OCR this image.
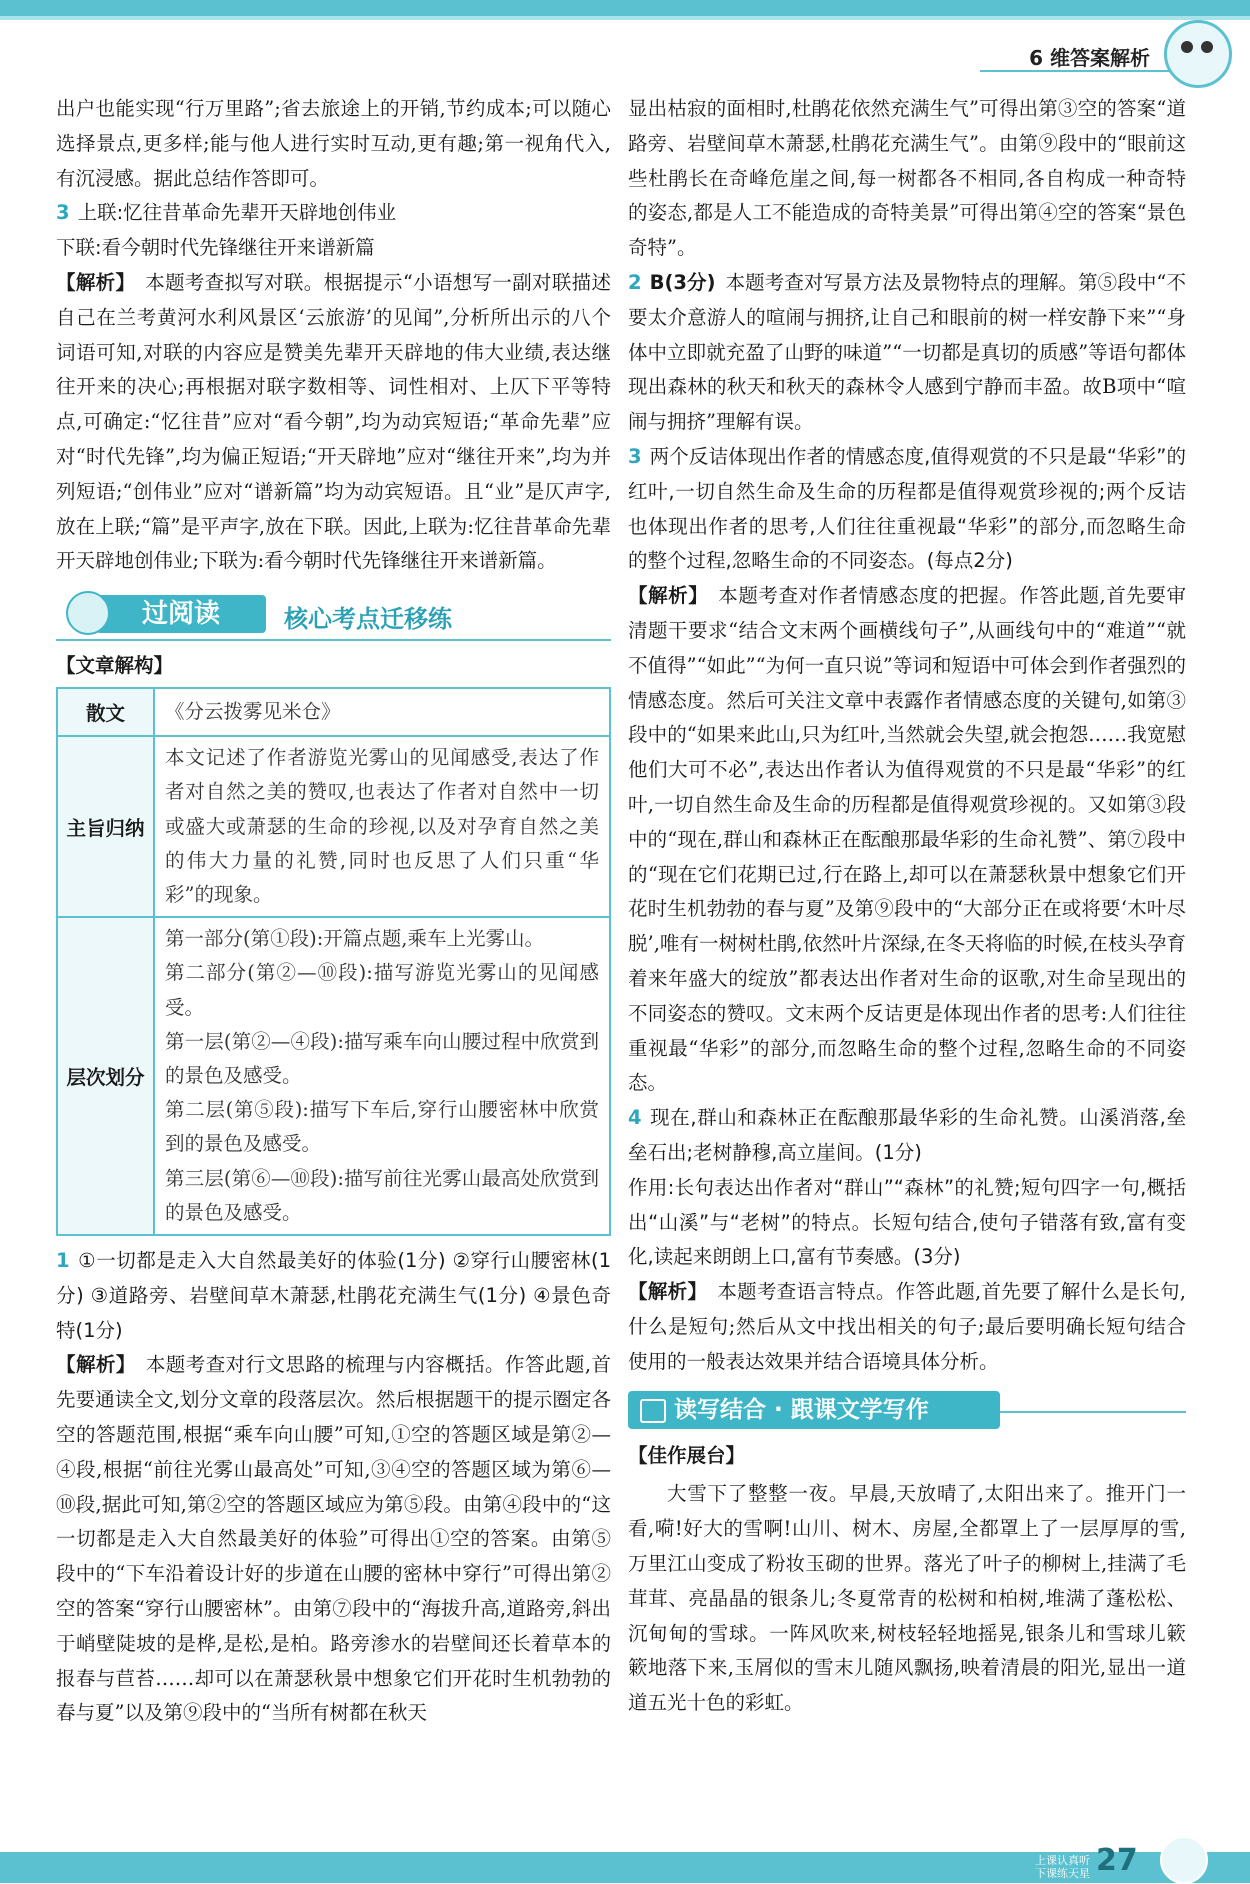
6 维答案解析

出户也能实现“行万里路”;省去旅途上的开销,节约成本;可以随心选择景点,更多样;能与他人进行实时互动,更有趣;第一视角代入,有沉浸感。据此总结作答即可。

3 上联:忆往昔革命先辈开天辟地创伟业

下联:看今朝时代先锋继往开来谱新篇

【解析】 本题考查拟写对联。根据提示“小语想写一副对联描述自己在兰考黄河水利风景区‘云旅游’的见闻”,分析所出示的八个词语可知,对联的内容应是赞美先辈开天辟地的伟大业绩,表达继往开来的决心;再根据对联字数相等、词性相对、上仄下平等特点,可确定:“忆往昔”应对“看今朝”,均为动宾短语;“革命先辈”应对“时代先锋”,均为偏正短语;“开天辟地”应对“继往开来”,均为并列短语;“创伟业”应对“谱新篇”均为动宾短语。且“业”是仄声字,放在上联;“篇”是平声字,放在下联。因此,上联为:忆往昔革命先辈开天辟地创伟业;下联为:看今朝时代先锋继往开来谱新篇。

过阅读	核心考点迁移练
【文章解构】
散文	《分云拨雾见米仓》
主旨归纳	本文记述了作者游览光雾山的见闻感受,表达了作者对自然之美的赞叹,也表达了作者对自然中一切或盛大或萧瑟的生命的珍视,以及对孕育自然之美的伟大力量的礼赞,同时也反思了人们只重“华彩”的现象。
层次划分	第一部分(第①段):开篇点题,乘车上光雾山。
第二部分(第②—⑩段):描写游览光雾山的见闻感受。
第一层(第②—④段):描写乘车向山腰过程中欣赏到的景色及感受。
第二层(第⑤段):描写下车后,穿行山腰密林中欣赏到的景色及感受。
第三层(第⑥—⑩段):描写前往光雾山最高处欣赏到的景色及感受。

1 ①一切都是走入大自然最美好的体验(1分) ②穿行山腰密林(1分) ③道路旁、岩壁间草木萧瑟,杜鹃花充满生气(1分) ④景色奇特(1分)

【解析】 本题考查对行文思路的梳理与内容概括。作答此题,首先要通读全文,划分文章的段落层次。然后根据题干的提示圈定各空的答题范围,根据“乘车向山腰”可知,①空的答题区域是第②—④段,根据“前往光雾山最高处”可知,③④空的答题区域为第⑥—⑩段,据此可知,第②空的答题区域应为第⑤段。由第④段中的“这一切都是走入大自然最美好的体验”可得出①空的答案。由第⑤段中的“下车沿着设计好的步道在山腰的密林中穿行”可得出第②空的答案“穿行山腰密林”。由第⑦段中的“海拔升高,道路旁,斜出于峭壁陡坡的是桦,是松,是柏。路旁渗水的岩壁间还长着草本的报春与苣苔……却可以在萧瑟秋景中想象它们开花时生机勃勃的春与夏”以及第⑨段中的“当所有树都在秋天

显出枯寂的面相时,杜鹃花依然充满生气”可得出第③空的答案“道路旁、岩壁间草木萧瑟,杜鹃花充满生气”。由第⑨段中的“眼前这些杜鹃长在奇峰危崖之间,每一树都各不相同,各自构成一种奇特的姿态,都是人工不能造成的奇特美景”可得出第④空的答案“景色奇特”。

2 B(3分) 本题考查对写景方法及景物特点的理解。第⑤段中“不要太介意游人的喧闹与拥挤,让自己和眼前的树一样安静下来”“身体中立即就充盈了山野的味道”“一切都是真切的质感”等语句都体现出森林的秋天和秋天的森林令人感到宁静而丰盈。故B项中“喧闹与拥挤”理解有误。

3 两个反诘体现出作者的情感态度,值得观赏的不只是最“华彩”的红叶,一切自然生命及生命的历程都是值得观赏珍视的;两个反诘也体现出作者的思考,人们往往重视最“华彩”的部分,而忽略生命的整个过程,忽略生命的不同姿态。(每点2分)

【解析】 本题考查对作者情感态度的把握。作答此题,首先要审清题干要求“结合文末两个画横线句子”,从画线句中的“难道”“就不值得”“如此”“为何一直只说”等词和短语中可体会到作者强烈的情感态度。然后可关注文章中表露作者情感态度的关键句,如第③段中的“如果来此山,只为红叶,当然就会失望,就会抱怨……我宽慰他们大可不必”,表达出作者认为值得观赏的不只是最“华彩”的红叶,一切自然生命及生命的历程都是值得观赏珍视的。又如第③段中的“现在,群山和森林正在酝酿那最华彩的生命礼赞”、第⑦段中的“现在它们花期已过,行在路上,却可以在萧瑟秋景中想象它们开花时生机勃勃的春与夏”及第⑨段中的“大部分正在或将要‘木叶尽脱’,唯有一树树杜鹃,依然叶片深绿,在冬天将临的时候,在枝头孕育着来年盛大的绽放”都表达出作者对生命的讴歌,对生命呈现出的不同姿态的赞叹。文末两个反诘更是体现出作者的思考:人们往往重视最“华彩”的部分,而忽略生命的整个过程,忽略生命的不同姿态。

4 现在,群山和森林正在酝酿那最华彩的生命礼赞。山溪消落,垒垒石出;老树静穆,高立崖间。(1分)

作用:长句表达出作者对“群山”“森林”的礼赞;短句四字一句,概括出“山溪”与“老树”的特点。长短句结合,使句子错落有致,富有变化,读起来朗朗上口,富有节奏感。(3分)

【解析】 本题考查语言特点。作答此题,首先要了解什么是长句,什么是短句;然后从文中找出相关的句子;最后要明确长短句结合使用的一般表达效果并结合语境具体分析。

读写结合 · 跟课文学写作
【佳作展台】

大雪下了整整一夜。早晨,天放晴了,太阳出来了。推开门一看,嗬!好大的雪啊!山川、树木、房屋,全都罩上了一层厚厚的雪,万里江山变成了粉妆玉砌的世界。落光了叶子的柳树上,挂满了毛茸茸、亮晶晶的银条儿;冬夏常青的松树和柏树,堆满了蓬松松、沉甸甸的雪球。一阵风吹来,树枝轻轻地摇晃,银条儿和雪球儿簌簌地落下来,玉屑似的雪末儿随风飘扬,映着清晨的阳光,显出一道道五光十色的彩虹。

上课认真听
下课练天星 27
